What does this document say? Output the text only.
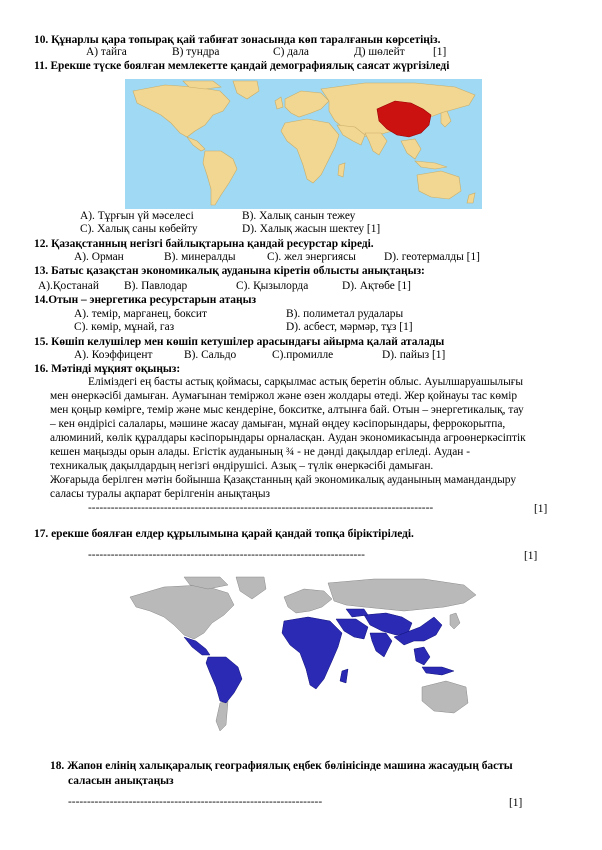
10. Құнарлы қара топырақ қай табиғат зонасында көп таралғанын көрсетіңіз.
А) тайга	В) тундра	С) дала	Д) шөлейт [1]
11. Ерекше түске боялған мемлекетте қандай демографиялық саясат жүргізіледі
А). Тұрғын үй мәселесі	В). Халық санын тежеу
С). Халық саны көбейту	D). Халық жасын шектеу [1]
12. Қазақстанның негізгі байлықтарына қандай ресурстар кіреді.
А). Орман	В). минералды	С). жел энергиясы D). геотермалды [1]
13. Батыс қазақстан экономикалық ауданына кіретін облысты анықтаңыз:
А).Қостанай В). Павлодар	С). Қызылорда	D). Ақтөбе [1]
14.Отын – энергетика ресурстарын атаңыз
А). темір, марганец, боксит	В). полиметал рудалары
С). көмір, мұнай, газ	D). асбест, мәрмәр, тұз [1]
15. Көшіп келушілер мен көшіп кетушілер арасындағы айырма қалай аталады
А). Коэффицент	В). Сальдо	С).промилле	D). пайыз [1]
16. Мәтінді мұқият оқыңыз:
Еліміздегі ең басты астық қоймасы, сарқылмас астық беретін облыс. Ауылшаруашылығы
мен өнеркәсібі дамыған. Аумағынан теміржол және өзен жолдары өтеді. Жер қойнауы тас көмір
мен қоңыр көмірге, темір және мыс кендеріне, бокситке, алтынға бай. Отын – энергетикалық, тау
– кен өндірісі салалары, мәшине жасау дамыған, мұнай өңдеу кәсіпорындары, феррокорытпа,
алюминий, көлік құралдары кәсіпорындары орналасқан. Аудан экономикасында агроөнеркәсіптік
кешен маңызды орын алады. Егістік ауданының ¾ - не дәнді дақылдар егіледі. Аудан -
техникалық дақылдардың негізгі өндірушісі. Азық – түлік өнеркәсібі дамыған.
Жоғарыда берілген мәтін бойынша Қазақстанның қай экономикалық ауданының мамандандыру
саласы туралы ақпарат берілгенін анықтаңыз
-------------------------------------------------------------------------------------------	[1]
17. ерекше боялған елдер құрылымына қарай қандай топқа біріктіріледі.
-------------------------------------------------------------------------	[1]
18. Жапон елінің халықаралық географиялық еңбек бөлінісінде машина жасаудың басты
саласын анықтаңыз
-------------------------------------------------------------------	[1]
